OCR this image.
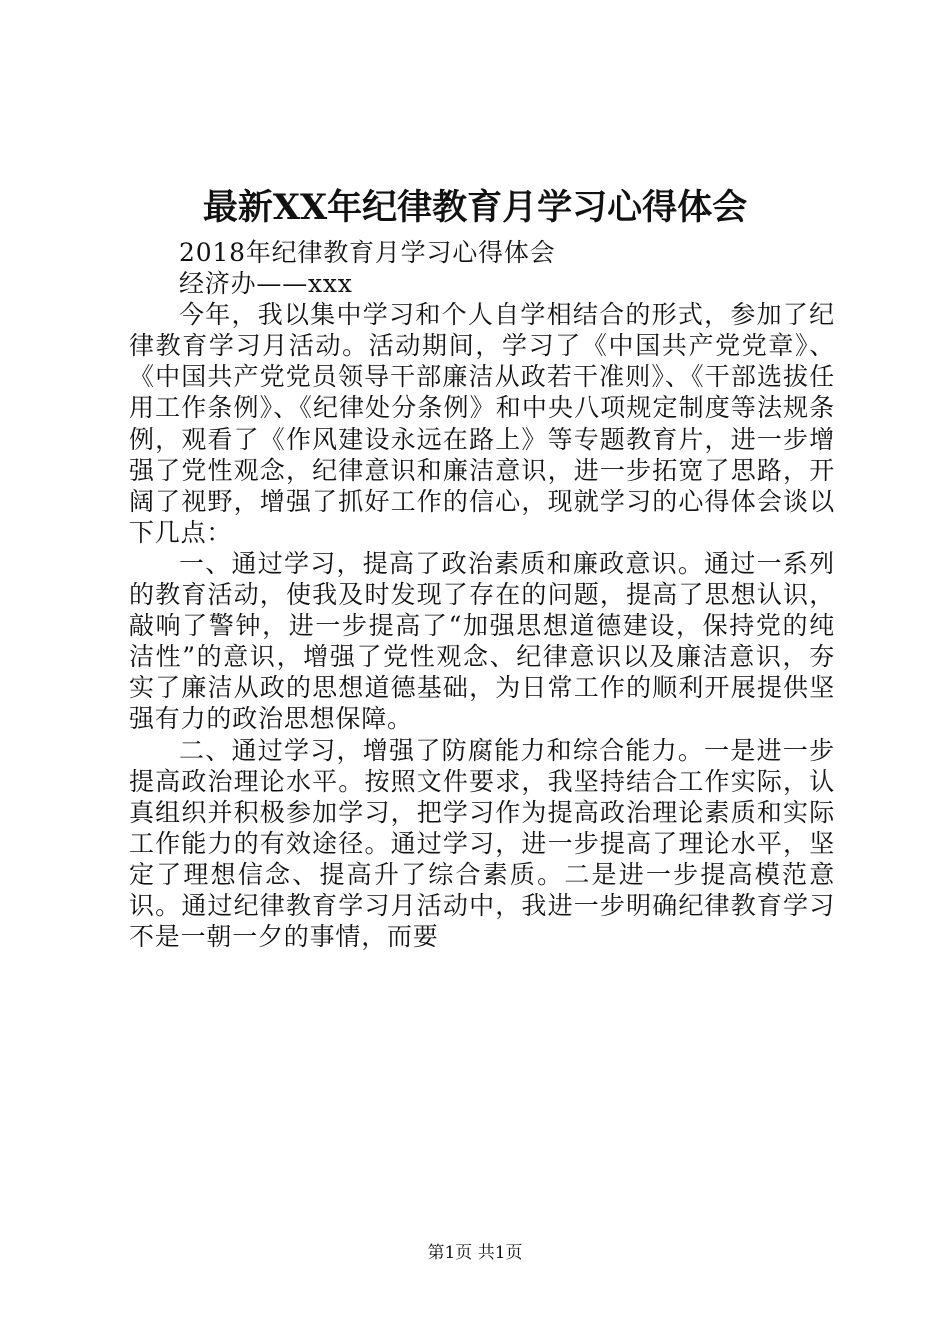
最新XX年纪律教育月学习心得体会

2018年纪律教育月学习心得体会

经济办——xxx

今年，我以集中学习和个人自学相结合的形式，参加了纪律教育学习月活动。活动期间，学习了《中国共产党党章》、《中国共产党党员领导干部廉洁从政若干准则》、《干部选拔任用工作条例》、《纪律处分条例》和中央八项规定制度等法规条例，观看了《作风建设永远在路上》等专题教育片，进一步增强了党性观念，纪律意识和廉洁意识，进一步拓宽了思路，开阔了视野，增强了抓好工作的信心，现就学习的心得体会谈以下几点：

一、通过学习，提高了政治素质和廉政意识。通过一系列的教育活动，使我及时发现了存在的问题，提高了思想认识，敲响了警钟，进一步提高了“加强思想道德建设，保持党的纯洁性”的意识，增强了党性观念、纪律意识以及廉洁意识，夯实了廉洁从政的思想道德基础，为日常工作的顺利开展提供坚强有力的政治思想保障。

二、通过学习，增强了防腐能力和综合能力。一是进一步提高政治理论水平。按照文件要求，我坚持结合工作实际，认真组织并积极参加学习，把学习作为提高政治理论素质和实际工作能力的有效途径。通过学习，进一步提高了理论水平，坚定了理想信念、提高升了综合素质。二是进一步提高模范意识。通过纪律教育学习月活动中，我进一步明确纪律教育学习不是一朝一夕的事情，而要

第1页 共1页
